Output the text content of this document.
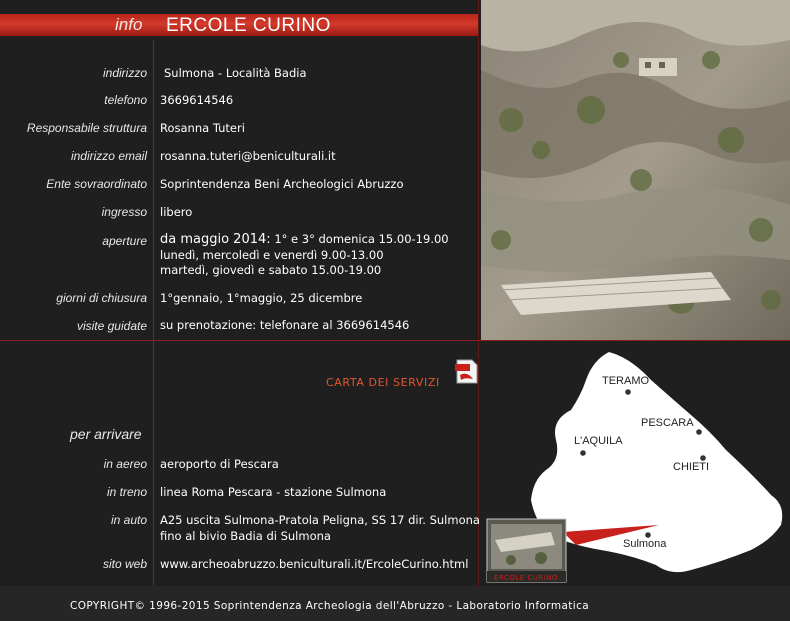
info ERCOLE CURINO
indirizzo Sulmona - Località Badia
telefono 3669614546
Responsabile struttura Rosanna Tuteri
indirizzo email rosanna.tuteri@beniculturali.it
Ente sovraordinato Soprintendenza Beni Archeologici Abruzzo
ingresso libero
aperture da maggio 2014: 1° e 3° domenica 15.00-19.00
lunedì, mercoledì e venerdì 9.00-13.00
martedì, giovedì e sabato 15.00-19.00
giorni di chiusura 1°gennaio, 1°maggio, 25 dicembre
visite guidate su prenotazione: telefonare al 3669614546
CARTA DEI SERVIZI
per arrivare
in aereo aeroporto di Pescara
in treno linea Roma Pescara - stazione Sulmona
in auto A25 uscita Sulmona-Pratola Peligna, SS 17 dir. Sulmona
fino al bivio Badia di Sulmona
sito web www.archeoabruzzo.beniculturali.it/ErcoleCurino.html
TERAMO
PESCARA
L'AQUILA
CHIETI
Sulmona
ERCOLE CURINO
COPYRIGHT© 1996-2015 Soprintendenza Archeologia dell'Abruzzo - Laboratorio Informatica
